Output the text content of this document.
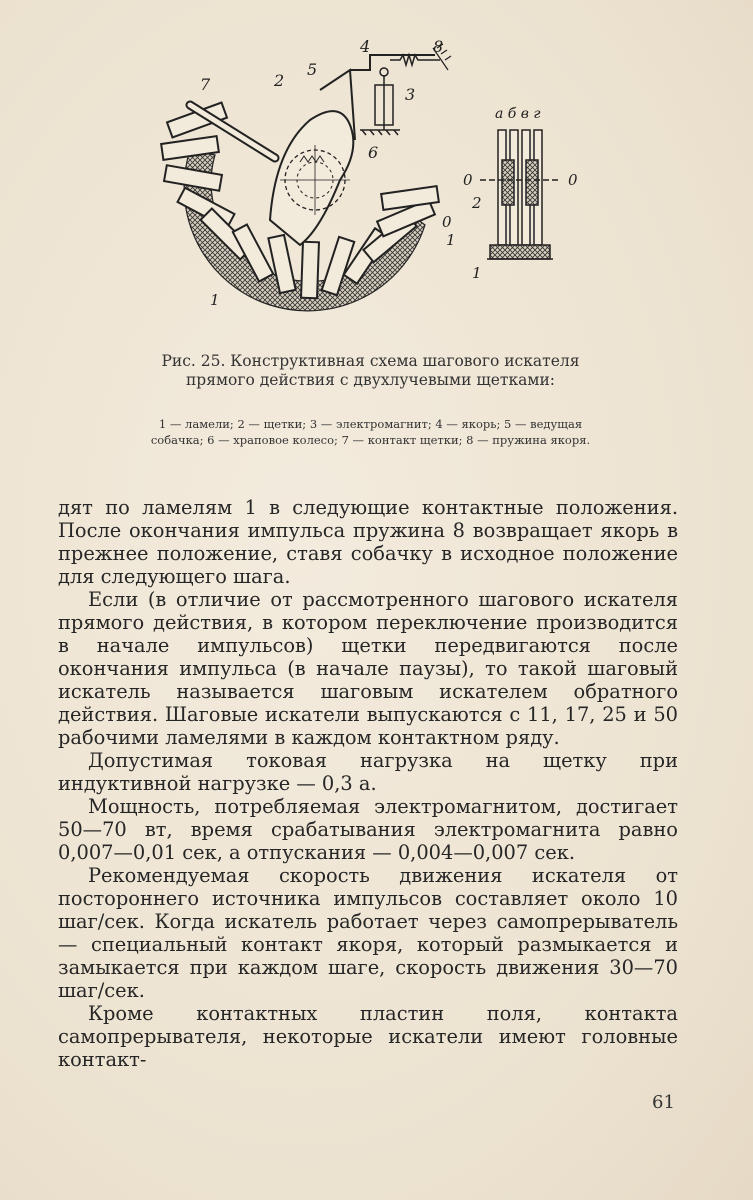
7	2
5
4	8
3
6
0
1
1
а б в г
0	0
2
1
Рис. 25. Конструктивная схема шагового искателя прямого действия с двухлучевыми щетками:
1 — ламели; 2 — щетки; 3 — электромагнит; 4 — якорь; 5 — ведущая собачка; 6 — храповое колесо; 7 — контакт щетки; 8 — пружина якоря.

дят по ламелям 1 в следующие контактные положения. После окончания импульса пружина 8 возвращает якорь в прежнее положение, ставя собачку в исходное положение для следующего шага.

Если (в отличие от рассмотренного шагового искателя прямого действия, в котором переключение производится в начале импульсов) щетки передвигаются после окончания импульса (в начале паузы), то такой шаговый искатель называется шаговым искателем обратного действия. Шаговые искатели выпускаются с 11, 17, 25 и 50 рабочими ламелями в каждом контактном ряду.

Допустимая токовая нагрузка на щетку при индуктивной нагрузке — 0,3 а.

Мощность, потребляемая электромагнитом, достигает 50—70 вт, время срабатывания электромагнита равно 0,007—0,01 сек, а отпускания — 0,004—0,007 сек.

Рекомендуемая скорость движения искателя от постороннего источника импульсов составляет около 10 шаг/сек. Когда искатель работает через самопрерыватель — специальный контакт якоря, который размыкается и замыкается при каждом шаге, скорость движения 30—70 шаг/сек.

Кроме контактных пластин поля, контакта самопрерывателя, некоторые искатели имеют головные контакт-

61
